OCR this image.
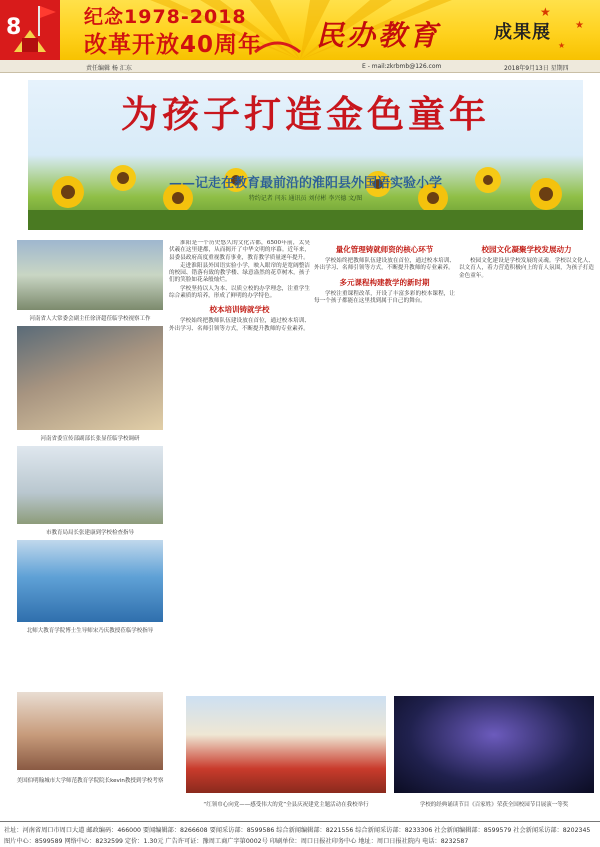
★
★
★
8	纪念1978-2018
改革开放40周年 民办教育	成果展
责任编辑 杨 汇东	E - mail:zkrbmb@126.com	2018年9月13日 星期四
为孩子打造金色童年
——记走在教育最前沿的淮阳县外国语实验小学
特约记者 闫东 通讯员 刘付彬 李兴德 文/图
河南省人大常委会副主任徐济超莅临学校视察工作
河南省委宣传部副部长张显莅临学校调研
市教育局局长张建康到学校检查指导
北师大教育学院博士生导师宋乃庆教授莅临学校指导
美国伯明翰城市大学师范教育学院院长kevin教授到学校考察

淮阳是一个历史悠久的文化古都，6500年前，太昊伏羲在这里建都，从而揭开了中华文明的序幕。近年来，县委县政府高度重视教育事业，教育教学质量逐年提升。

走进淮阳县外国语实验小学，映入眼帘的是宽阔整洁的校园、错落有致的教学楼、绿意盎然的花草树木，孩子们的笑脸如花朵般灿烂。

学校坚持以人为本、以质立校的办学理念，注重学生综合素质的培养，形成了鲜明的办学特色。

校本培训铸就学校

学校始终把教师队伍建设放在首位，通过校本培训、外出学习、名师引领等方式，不断提升教师的专业素养。

量化管理铸就师资的核心环节

学校始终把教师队伍建设放在首位，通过校本培训、外出学习、名师引领等方式，不断提升教师的专业素养。

多元课程构建教学的新时期

学校注重课程改革，开设了丰富多彩的校本课程，让每一个孩子都能在这里找到属于自己的舞台。

校园文化凝聚学校发展动力

校园文化建设是学校发展的灵魂。学校以文化人、以文育人，着力营造积极向上的育人氛围，为孩子打造金色童年。

“红领巾心向党——感受伟大的党”全县庆祝建党主题活动在我校举行	学校的经典诵读节目《百家姓》荣获全国校园节目展演一等奖
社址：河南省周口市周口大道 邮政编码：466000 要闻编辑部：8266608 要闻采访部：8599586 综合新闻编辑部：8221556 综合新闻采访部：8233306 社会新闻编辑部：8599579 社会新闻采访部：8202345
图片中心：8599589 网络中心：8232599 定价：1.30元 广告许可证：豫周工商广字第0002号 印刷单位：周口日报社印务中心 地址：周口日报社院内 电话：8232587
